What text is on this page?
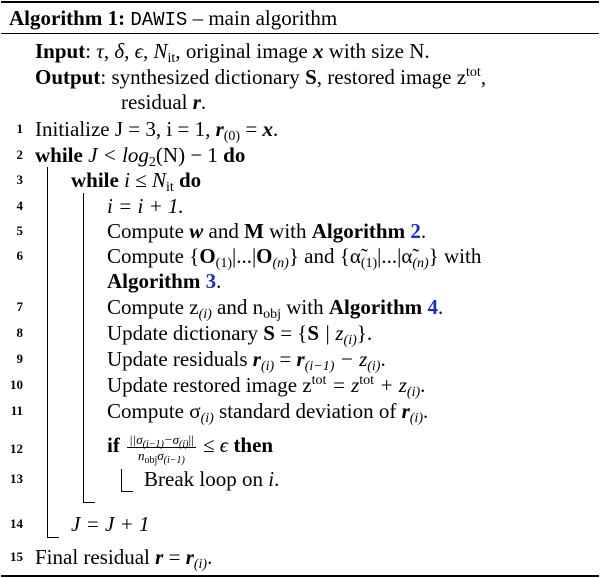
Algorithm 1: DAWIS – main algorithm
Input: τ, δ, ϵ, $N_{it}$, original image x with size N.
Output: synthesized dictionary S, restored image $z^{tot}$,
residual r.
1 Initialize J = 3, i = 1, $r_{(0)} = x$.
2 while $J < \log_2(N) - 1$ do
3 while $i \le N_{it}$ do
4	i = i + 1.
5	Compute w and M with Algorithm 2.
6	Compute $\{O_{(1)}|...|O_{(n)}\}$ and $\{\alphã_{(1)}|...|\alphã_{(n)}\}$ with
Algorithm 3.
7	Compute $z_{(i)}$ and $n_{obj}$ with Algorithm 4.
8	Update dictionary S = {S | $z_{(i)}$}.
9	Update residuals $r_{(i)} = r_{(i-1)} - z_{(i)}$.
10	Update restored image $z^{tot} = z^{tot} + z_{(i)}$.
11	Compute $\sigma_{(i)}$ standard deviation of $r_{(i)}$.
12	if $\frac{||\sigma_{(i-1)}-\sigma_{(i)}||}{n_{obj}\sigma_{(i-1)}} \le \epsilon$ then
13	Break loop on i.
14 J = J + 1
15 Final residual $r = r_{(i)}$.
